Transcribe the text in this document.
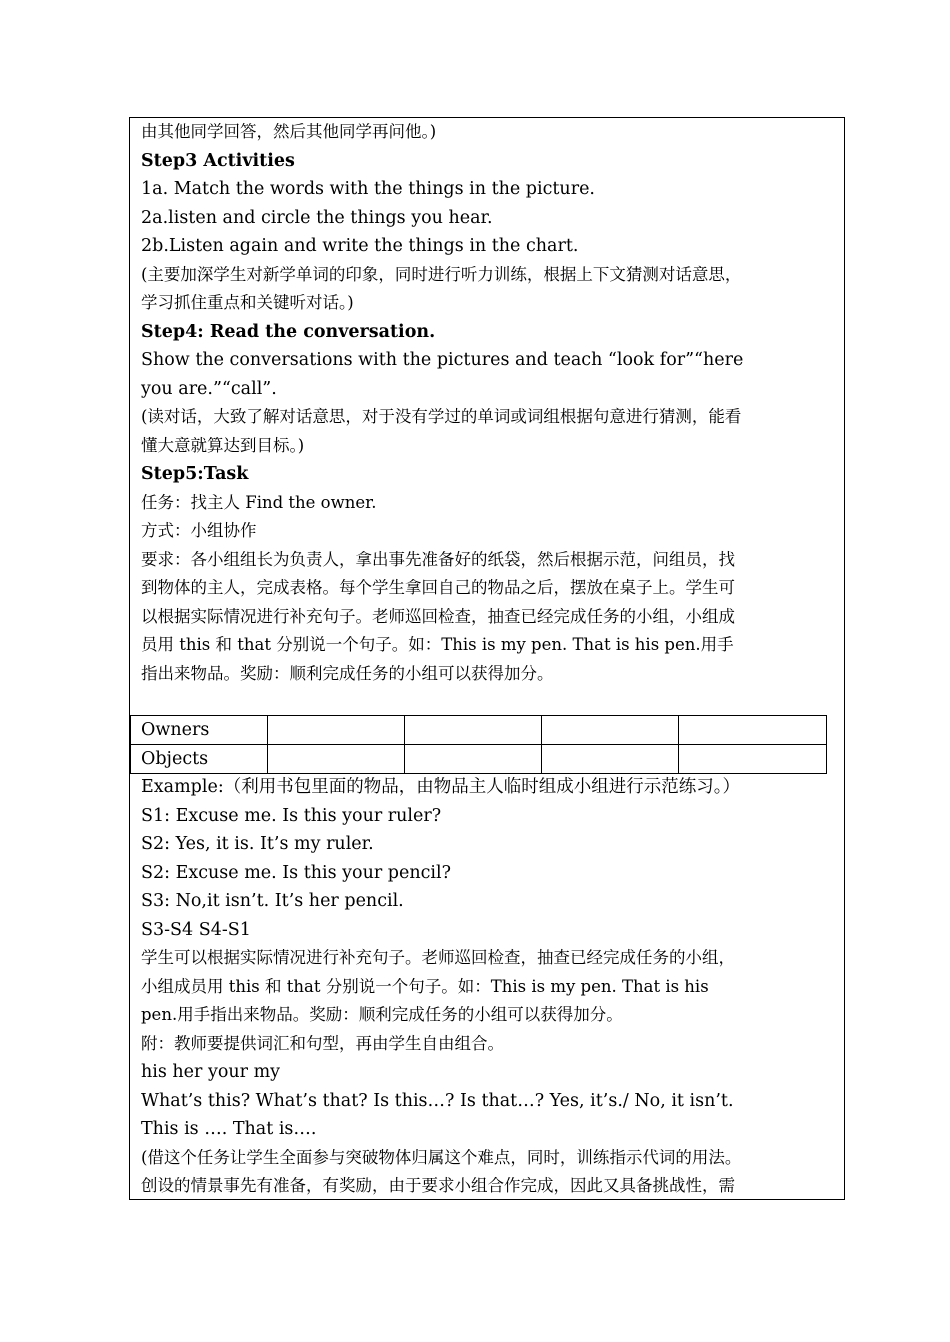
由其他同学回答，然后其他同学再问他。)
Step3 Activities
1a. Match the words with the things in the picture.
2a.listen and circle the things you hear.
2b.Listen again and write the things in the chart.
(主要加深学生对新学单词的印象，同时进行听力训练，根据上下文猜测对话意思，
学习抓住重点和关键听对话。)
Step4: Read the conversation.
Show the conversations with the pictures and teach “look for”“here
you are.”“call”.
(读对话，大致了解对话意思，对于没有学过的单词或词组根据句意进行猜测，能看
懂大意就算达到目标。)
Step5:Task
任务：找主人 Find the owner.
方式：小组协作
要求：各小组组长为负责人，拿出事先准备好的纸袋，然后根据示范，问组员，找
到物体的主人，完成表格。每个学生拿回自己的物品之后，摆放在桌子上。学生可
以根据实际情况进行补充句子。老师巡回检查，抽查已经完成任务的小组，小组成
员用 this 和 that 分别说一个句子。如：This is my pen. That is his pen.用手
指出来物品。奖励：顺利完成任务的小组可以获得加分。
Owners				
Objects				
Example:（利用书包里面的物品，由物品主人临时组成小组进行示范练习。）
S1: Excuse me. Is this your ruler?
S2: Yes, it is. It’s my ruler.
S2: Excuse me. Is this your pencil?
S3: No,it isn’t. It’s her pencil.
S3-S4 S4-S1
学生可以根据实际情况进行补充句子。老师巡回检查，抽查已经完成任务的小组，
小组成员用 this 和 that 分别说一个句子。如：This is my pen. That is his
pen.用手指出来物品。奖励：顺利完成任务的小组可以获得加分。
附：教师要提供词汇和句型，再由学生自由组合。
his her your my
What’s this? What’s that? Is this…? Is that…? Yes, it’s./ No, it isn’t.
This is …. That is….
(借这个任务让学生全面参与突破物体归属这个难点，同时，训练指示代词的用法。
创设的情景事先有准备，有奖励，由于要求小组合作完成，因此又具备挑战性，需
